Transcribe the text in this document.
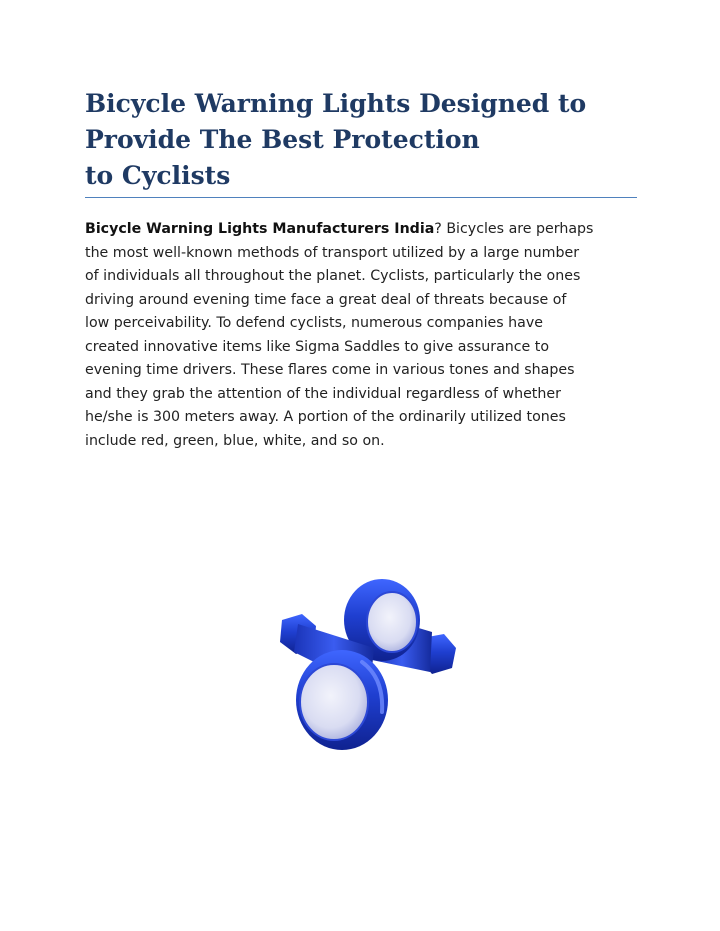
Bicycle Warning Lights Designed to
Provide The Best Protection
to Cyclists

Bicycle Warning Lights Manufacturers India? Bicycles are perhaps
the most well-known methods of transport utilized by a large number
of individuals all throughout the planet. Cyclists, particularly the ones
driving around evening time face a great deal of threats because of
low perceivability. To defend cyclists, numerous companies have
created innovative items like Sigma Saddles to give assurance to
evening time drivers. These flares come in various tones and shapes
and they grab the attention of the individual regardless of whether
he/she is 300 meters away. A portion of the ordinarily utilized tones
include red, green, blue, white, and so on.
